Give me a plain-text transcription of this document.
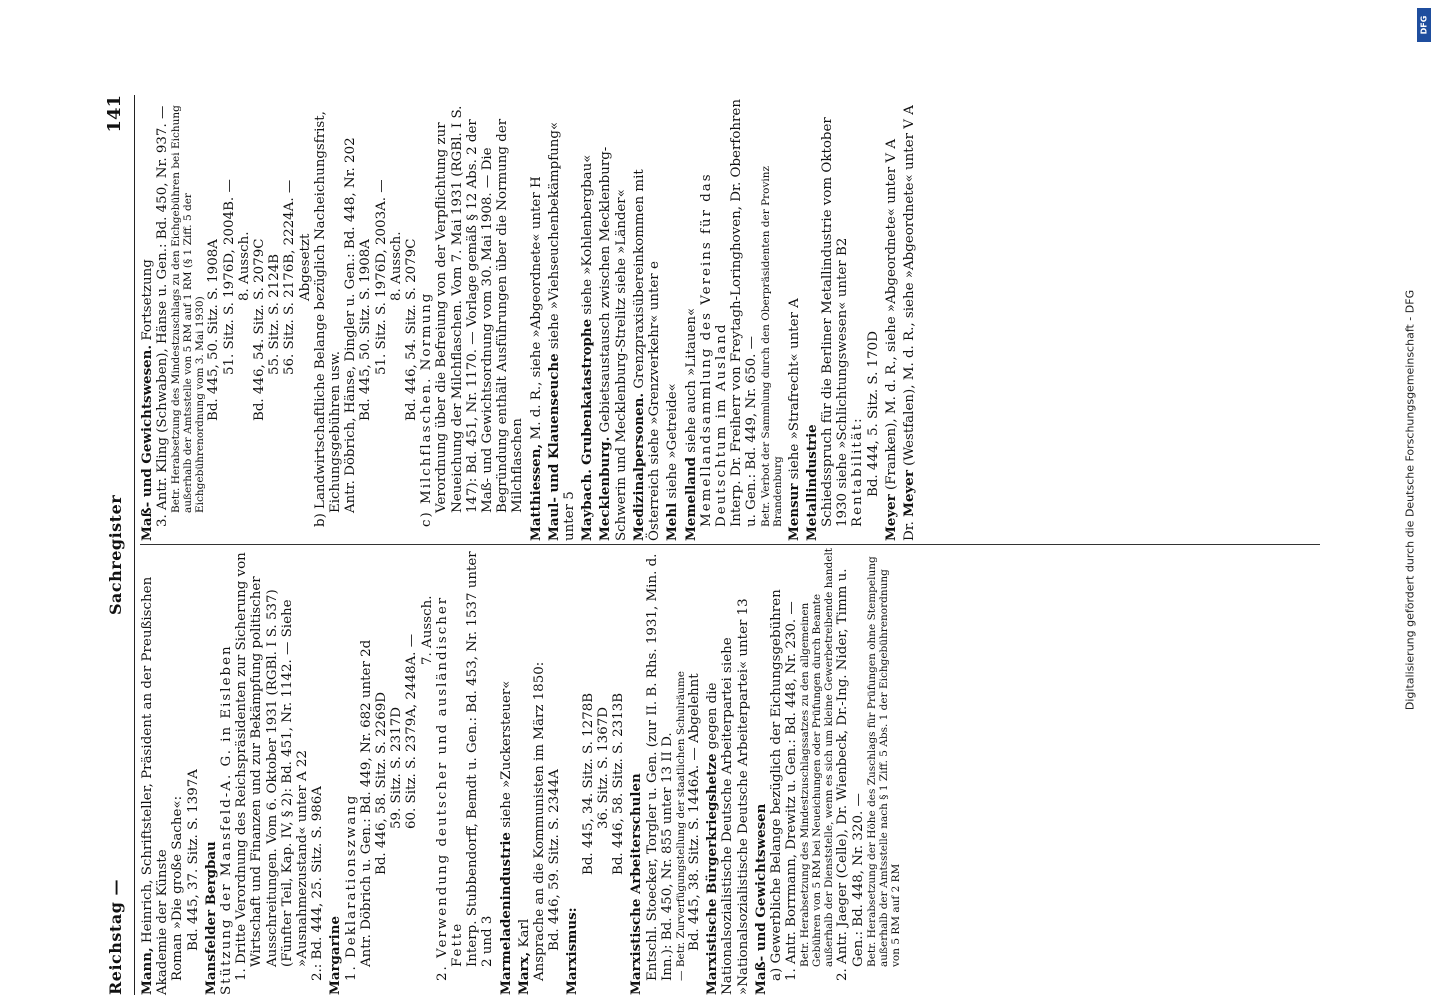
Reichstag —
Sachregister
141
Mann, Heinrich, Schriftsteller, Präsident an der Preußischen Akademie der Künste Roman »Die große Sache«: Bd. 445, 37. Sitz. S. 1397A Mansfelder Bergbau Stützung der Mansfeld-A. G. in Eisleben 1. Dritte Verordnung des Reichspräsidenten zur Sicherung von Wirtschaft und Finanzen und zur Bekämpfung politischer Ausschreitungen. Vom 6. Oktober 1931 (RGBl. I S. 537) (Fünfter Teil, Kap. IV, § 2): Bd. 451, Nr. 1142. — Siehe »Ausnahmezustand« unter A 22 2.: Bd. 444, 25. Sitz. S. 986A Margarine 1. Deklarationszwang Antr. Döbrich u. Gen.: Bd. 449, Nr. 682 unter 2d Bd. 446, 58. Sitz. S. 2269D 59. Sitz. S. 2317D 60. Sitz. S. 2379A, 2448A. —
7. Aussch. 2. Verwendung deutscher und ausländischer Fette Interp. Stubbendorff, Bemdt u. Gen.: Bd. 453, Nr. 1537 unter 2 und 3 Marmeladenindustrie siehe »Zuckersteuer«
Marx, Karl Ansprache an die Kommunisten im März 1850: Bd. 446, 59. Sitz. S. 2344A
Marxismus:
Bd. 445, 34. Sitz. S. 1278B 36. Sitz. S. 1367D Bd. 446, 58. Sitz. S. 2313B Marxistische Arbeiterschulen Entschl. Stoecker, Torgler u. Gen. (zur II. B. Rhs. 1931, Min. d. Inn.): Bd. 450, Nr. 855 unter 13 II D. — Betr. Zurverfügungstellung der staatlichen Schulräume Bd. 445, 38. Sitz. S. 1446A. — Abgelehnt Marxistische Bürgerkriegshetze gegen die Nationalsozialistische Deutsche Arbeiterpartei siehe »Nationalsozialistische Deutsche Arbeiterpartei« unter 13 Maß- und Gewichtswesen a) Gewerbliche Belange bezüglich der Eichungsgebühren 1. Antr. Borrmann, Drewitz u. Gen.: Bd. 448, Nr. 230. — Betr. Herabsetzung des Mindestzuschlagssatzes zu den allgemeinen Gebühren von 5 RM bei Neueichungen oder Prüfungen durch Beamte außerhalb der Dienststelle, wenn es sich um kleine Gewerbetreibende handelt 2. Antr. Jaeger (Celle), Dr. Wienbeck, Dr.-Ing. Nider, Timm u. Gen.: Bd. 448, Nr. 320. — Betr. Herabsetzung der Höhe des Zuschlags für Prüfungen ohne Stempelung außerhalb der Amtsstelle nach § 1 Ziff. 5 Abs. 1 der Eichgebührenordnung von 5 RM auf 2 RM
Maß- und Gewichtswesen. Fortsetzung 3. Antr. Kling (Schwaben), Hänse u. Gen.: Bd. 450, Nr. 937. — Betr. Herabsetzung des Mindestzuschlags zu den Eichgebühren bei Eichung außerhalb der Amtsstelle von 5 RM auf 1 RM (§ 1 Ziff. 5 der Eichgebührenordnung vom 3. Mai 1930) Bd. 445, 50. Sitz. S. 1908A 51. Sitz. S. 1976D, 2004B. — 8. Aussch. Bd. 446, 54. Sitz. S. 2079C 55. Sitz. S. 2124B 56. Sitz. S. 2176B, 2224A. — Abgesetzt b) Landwirtschaftliche Belange bezüglich Nacheichungsfrist, Eichungsgebühren usw. Antr. Döbrich, Hänse, Dingler u. Gen.: Bd. 448, Nr. 202 Bd. 445, 50. Sitz. S. 1908A 51. Sitz. S. 1976D, 2003A. — 8. Aussch. Bd. 446, 54. Sitz. S. 2079C c) Milchflaschen. Normung Verordnung über die Befreiung von der Verpflichtung zur Neueichung der Milchflaschen. Vom 7. Mai 1931 (RGBl. I S. 147): Bd. 451, Nr. 1170. — Vorlage gemäß § 12 Abs. 2 der Maß- und Gewichtsordnung vom 30. Mai 1908. — Die Begründung enthält Ausführungen über die Normung der Milchflaschen Matthiessen, M. d. R., siehe »Abgeordnete« unter H
Maul- und Klauenseuche siehe »Viehseuchenbekämpfung« unter 5 Maybach. Grubenkatastrophe siehe »Kohlenbergbau«
Mecklenburg. Gebietsaustausch zwischen Mecklenburg-Schwerin und Mecklenburg-Strelitz siehe »Länder« Medizinalpersonen. Grenzpraxisübereinkommen mit Österreich siehe »Grenzverkehr« unter e Mehl siehe »Getreide«
Memelland siehe auch »Litauen« Memellandsammlung des Vereins für das Deutschtum im Ausland Interp. Dr. Freiherr von Freytagh-Loringhoven, Dr. Oberfohren u. Gen.: Bd. 449, Nr. 650. — Betr. Verbot der Sammlung durch den Oberpräsidenten der Provinz Brandenburg Mensur siehe »Strafrecht« unter A
Metallindustrie Schiedsspruch für die Berliner Metallindustrie vom Oktober 1930 siehe »Schlichtungswesen« unter B2 Rentabilität: Bd. 444, 5. Sitz. S. 170D
Meyer (Franken), M. d. R., siehe »Abgeordnete« unter V A
Dr. Meyer (Westfalen), M. d. R., siehe »Abgeordnete« unter V A
DFG
Digitalisierung gefördert durch die Deutsche Forschungsgemeinschaft - DFG
